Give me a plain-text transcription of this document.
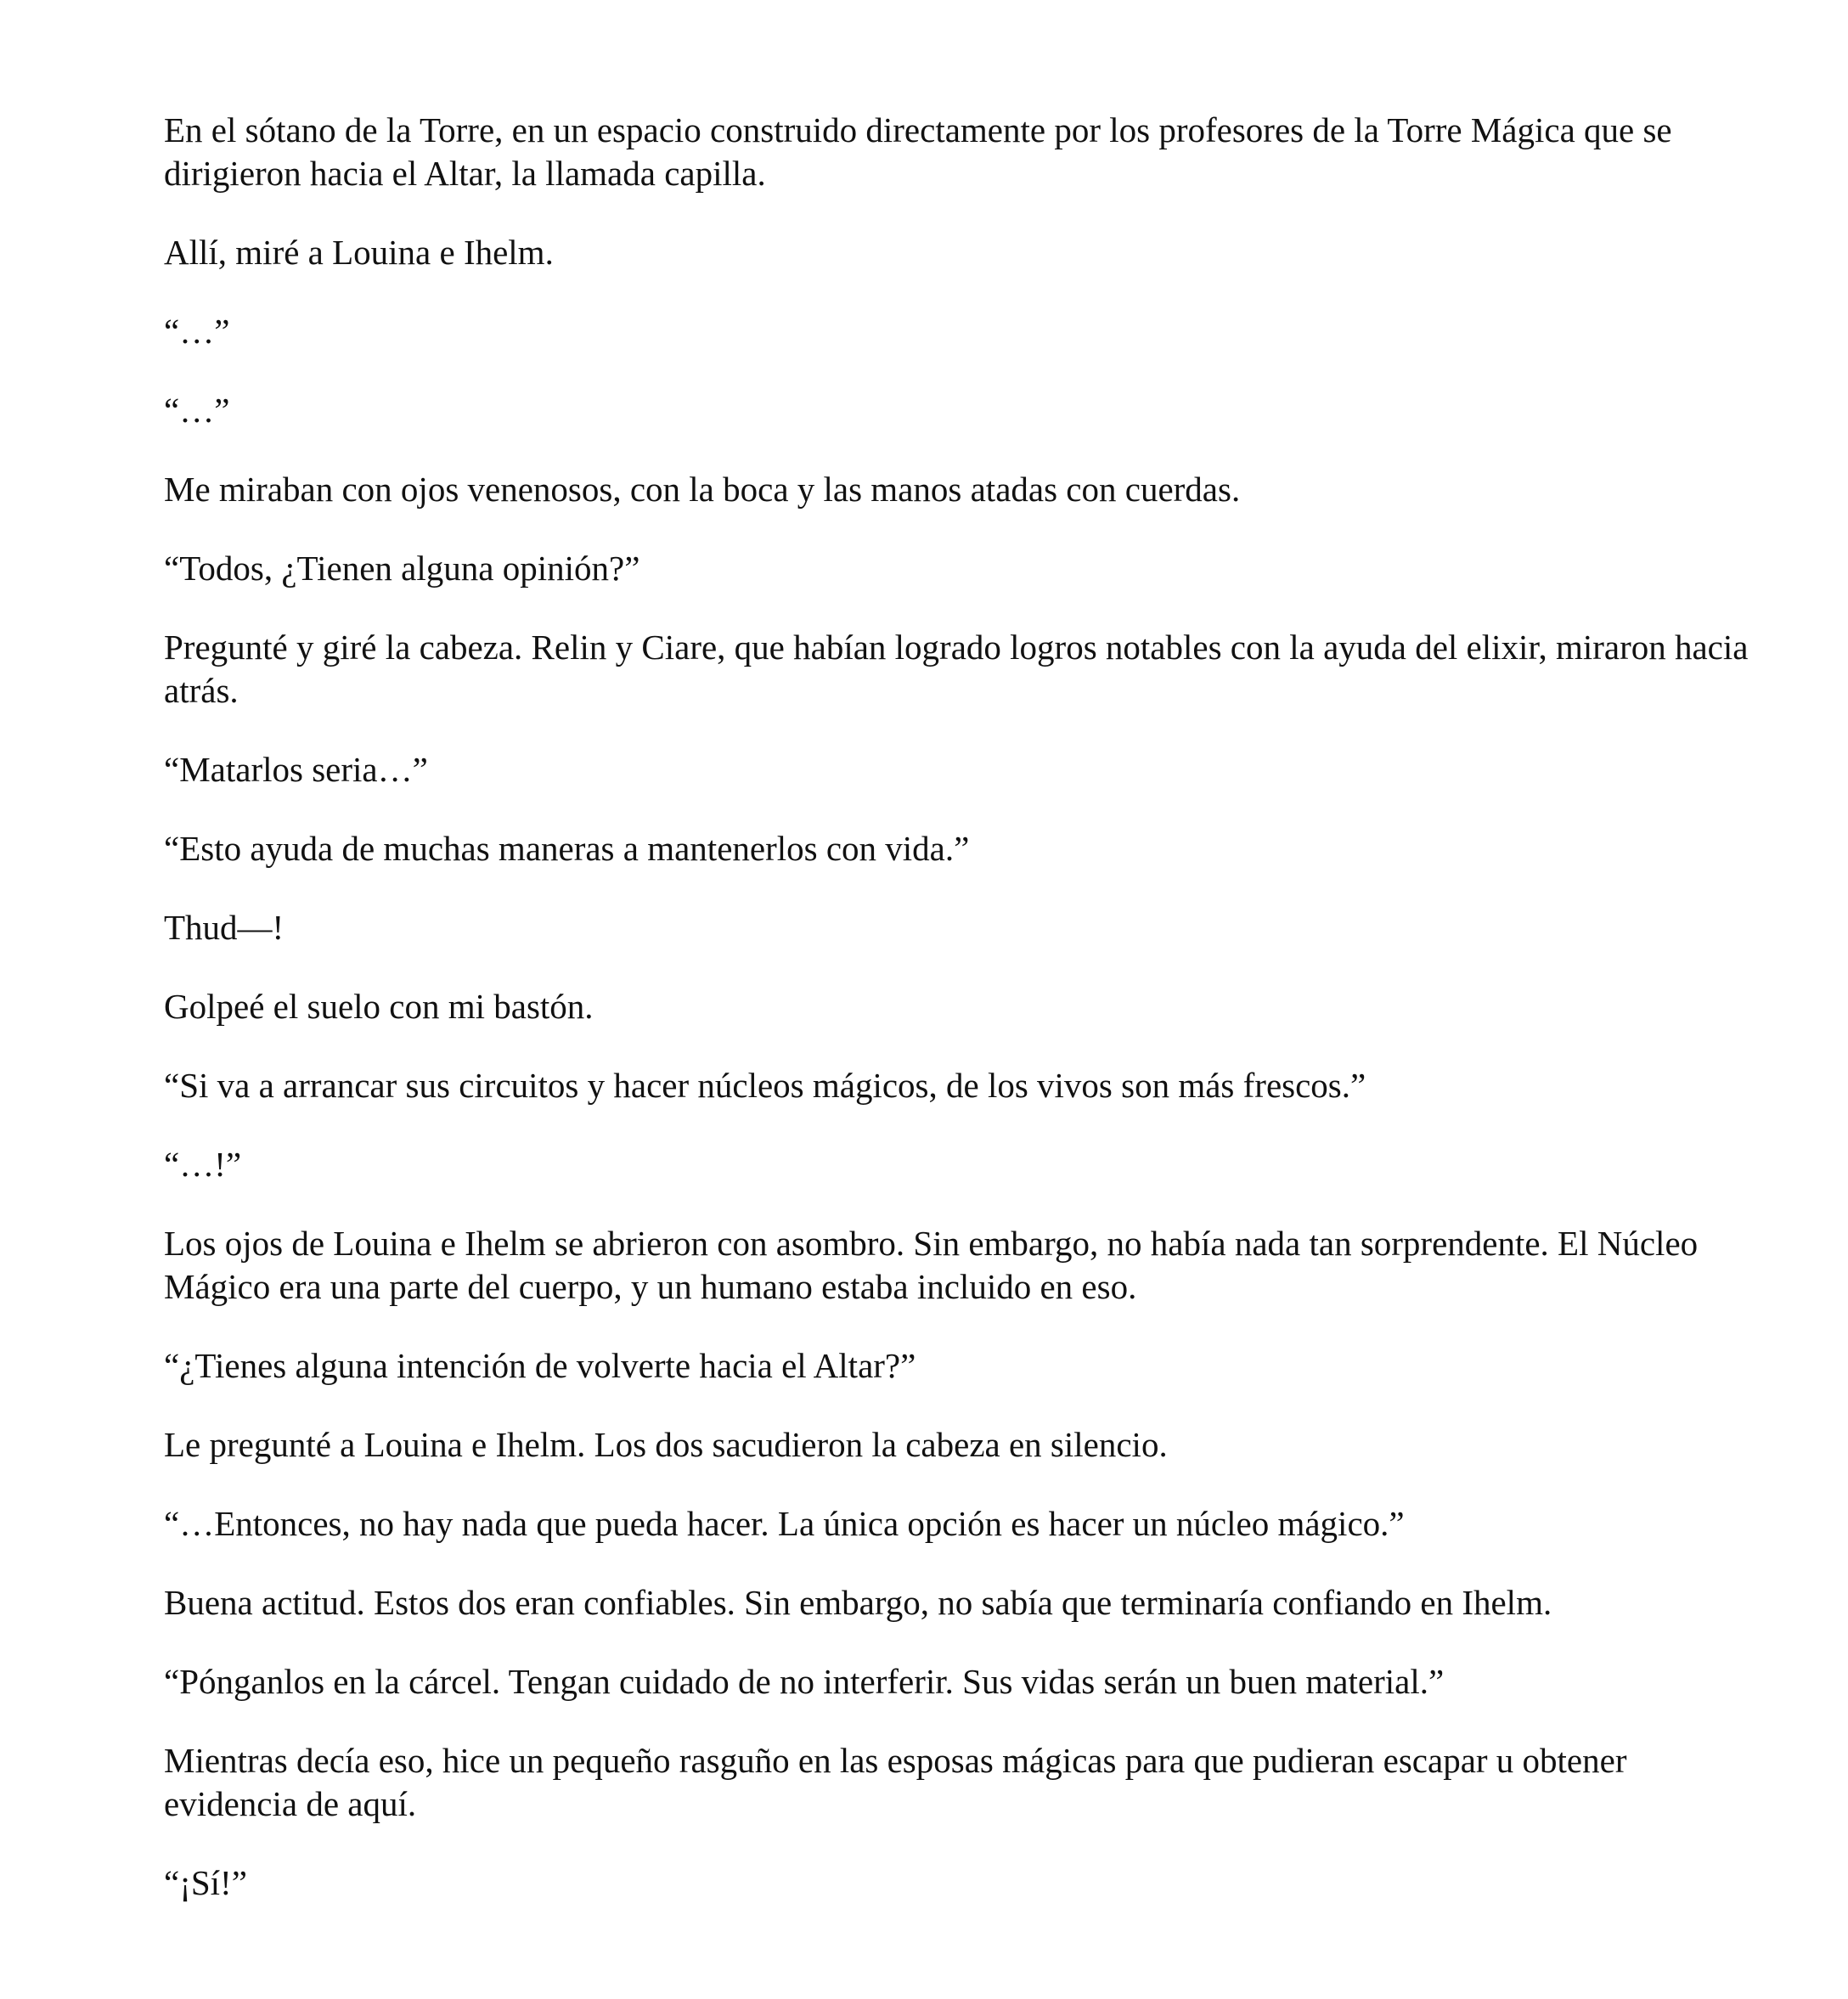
En el sótano de la Torre, en un espacio construido directamente por los profesores de la Torre Mágica que se dirigieron hacia el Altar, la llamada capilla.

Allí, miré a Louina e Ihelm.

“…”

“…”

Me miraban con ojos venenosos, con la boca y las manos atadas con cuerdas.

“Todos, ¿Tienen alguna opinión?”

Pregunté y giré la cabeza. Relin y Ciare, que habían logrado logros notables con la ayuda del elixir, miraron hacia atrás.

“Matarlos seria…”

“Esto ayuda de muchas maneras a mantenerlos con vida.”

Thud—!

Golpeé el suelo con mi bastón.

“Si va a arrancar sus circuitos y hacer núcleos mágicos, de los vivos son más frescos.”

“…!”

Los ojos de Louina e Ihelm se abrieron con asombro. Sin embargo, no había nada tan sorprendente. El Núcleo Mágico era una parte del cuerpo, y un humano estaba incluido en eso.

“¿Tienes alguna intención de volverte hacia el Altar?”

Le pregunté a Louina e Ihelm. Los dos sacudieron la cabeza en silencio.

“…Entonces, no hay nada que pueda hacer. La única opción es hacer un núcleo mágico.”

Buena actitud. Estos dos eran confiables. Sin embargo, no sabía que terminaría confiando en Ihelm.

“Pónganlos en la cárcel. Tengan cuidado de no interferir. Sus vidas serán un buen material.”

Mientras decía eso, hice un pequeño rasguño en las esposas mágicas para que pudieran escapar u obtener evidencia de aquí.

“¡Sí!”
